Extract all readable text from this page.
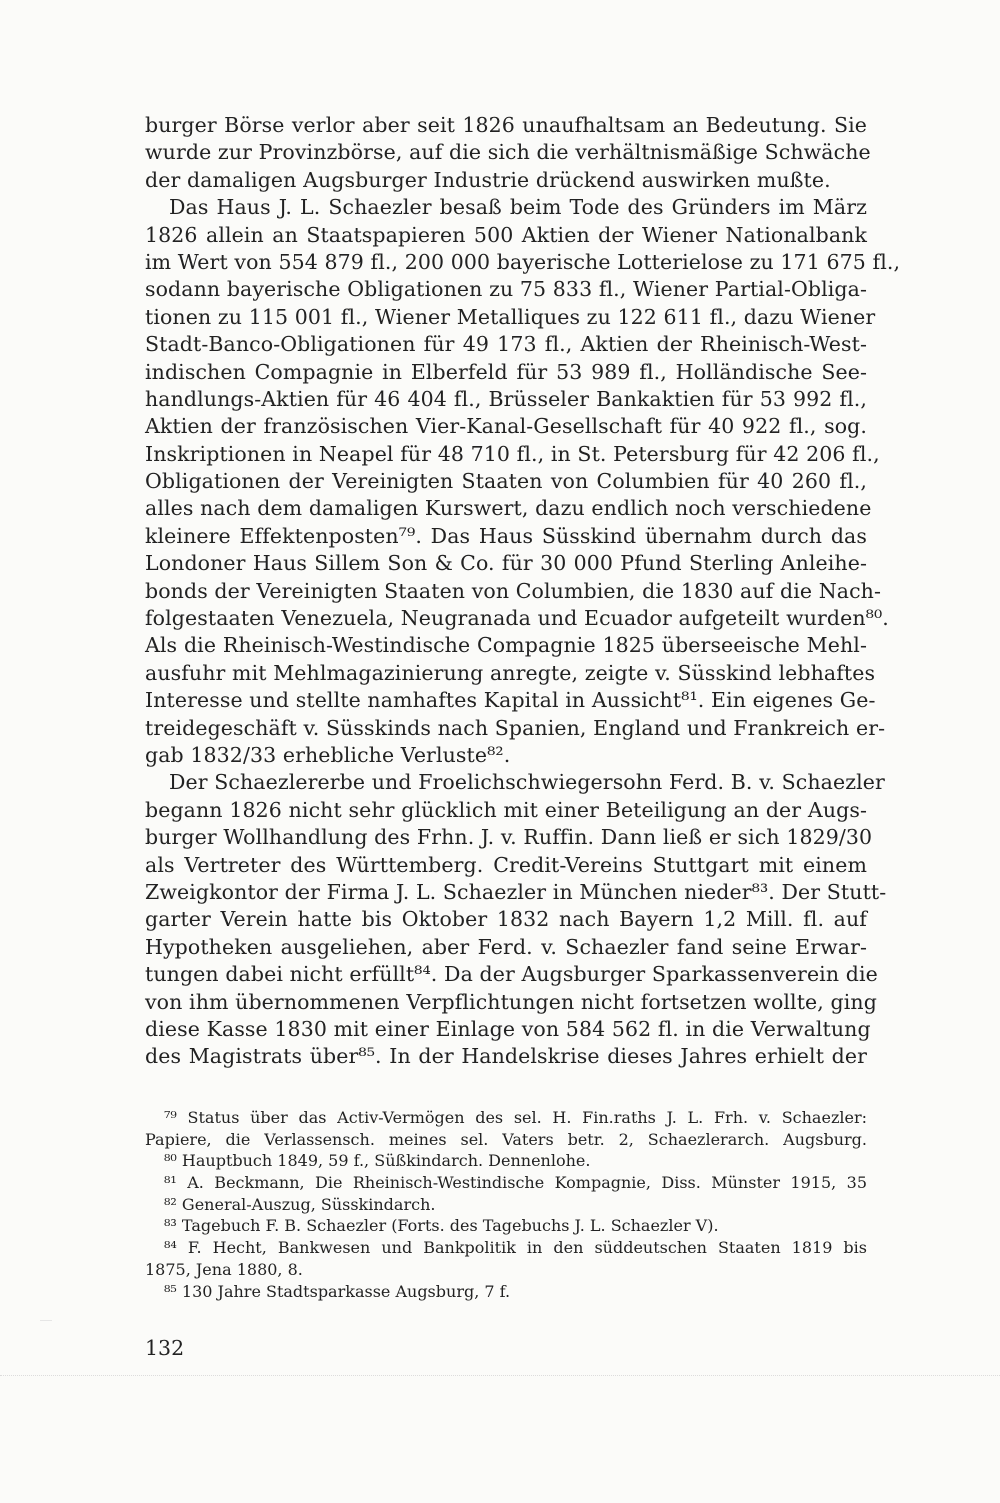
burger Börse verlor aber seit 1826 unaufhaltsam an Bedeutung. Sie
wurde zur Provinzbörse, auf die sich die verhältnismäßige Schwäche
der damaligen Augsburger Industrie drückend auswirken mußte.
Das Haus J. L. Schaezler besaß beim Tode des Gründers im März
1826 allein an Staatspapieren 500 Aktien der Wiener Nationalbank
im Wert von 554 879 fl., 200 000 bayerische Lotterielose zu 171 675 fl.,
sodann bayerische Obligationen zu 75 833 fl., Wiener Partial-Obliga-
tionen zu 115 001 fl., Wiener Metalliques zu 122 611 fl., dazu Wiener
Stadt-Banco-Obligationen für 49 173 fl., Aktien der Rheinisch-West-
indischen Compagnie in Elberfeld für 53 989 fl., Holländische See-
handlungs-Aktien für 46 404 fl., Brüsseler Bankaktien für 53 992 fl.,
Aktien der französischen Vier-Kanal-Gesellschaft für 40 922 fl., sog.
Inskriptionen in Neapel für 48 710 fl., in St. Petersburg für 42 206 fl.,
Obligationen der Vereinigten Staaten von Columbien für 40 260 fl.,
alles nach dem damaligen Kurswert, dazu endlich noch verschiedene
kleinere Effektenposten⁷⁹. Das Haus Süsskind übernahm durch das
Londoner Haus Sillem Son & Co. für 30 000 Pfund Sterling Anleihe-
bonds der Vereinigten Staaten von Columbien, die 1830 auf die Nach-
folgestaaten Venezuela, Neugranada und Ecuador aufgeteilt wurden⁸⁰.
Als die Rheinisch-Westindische Compagnie 1825 überseeische Mehl-
ausfuhr mit Mehlmagazinierung anregte, zeigte v. Süsskind lebhaftes
Interesse und stellte namhaftes Kapital in Aussicht⁸¹. Ein eigenes Ge-
treidegeschäft v. Süsskinds nach Spanien, England und Frankreich er-
gab 1832/33 erhebliche Verluste⁸².
Der Schaezlererbe und Froelichschwiegersohn Ferd. B. v. Schaezler
begann 1826 nicht sehr glücklich mit einer Beteiligung an der Augs-
burger Wollhandlung des Frhn. J. v. Ruffin. Dann ließ er sich 1829/30
als Vertreter des Württemberg. Credit-Vereins Stuttgart mit einem
Zweigkontor der Firma J. L. Schaezler in München nieder⁸³. Der Stutt-
garter Verein hatte bis Oktober 1832 nach Bayern 1,2 Mill. fl. auf
Hypotheken ausgeliehen, aber Ferd. v. Schaezler fand seine Erwar-
tungen dabei nicht erfüllt⁸⁴. Da der Augsburger Sparkassenverein die
von ihm übernommenen Verpflichtungen nicht fortsetzen wollte, ging
diese Kasse 1830 mit einer Einlage von 584 562 fl. in die Verwaltung
des Magistrats über⁸⁵. In der Handelskrise dieses Jahres erhielt der
⁷⁹ Status über das Activ-Vermögen des sel. H. Fin.raths J. L. Frh. v. Schaezler:
Papiere, die Verlassensch. meines sel. Vaters betr. 2, Schaezlerarch. Augsburg.
⁸⁰ Hauptbuch 1849, 59 f., Süßkindarch. Dennenlohe.
⁸¹ A. Beckmann, Die Rheinisch-Westindische Kompagnie, Diss. Münster 1915, 35
⁸² General-Auszug, Süsskindarch.
⁸³ Tagebuch F. B. Schaezler (Forts. des Tagebuchs J. L. Schaezler V).
⁸⁴ F. Hecht, Bankwesen und Bankpolitik in den süddeutschen Staaten 1819 bis
1875, Jena 1880, 8.
⁸⁵ 130 Jahre Stadtsparkasse Augsburg, 7 f.
132
